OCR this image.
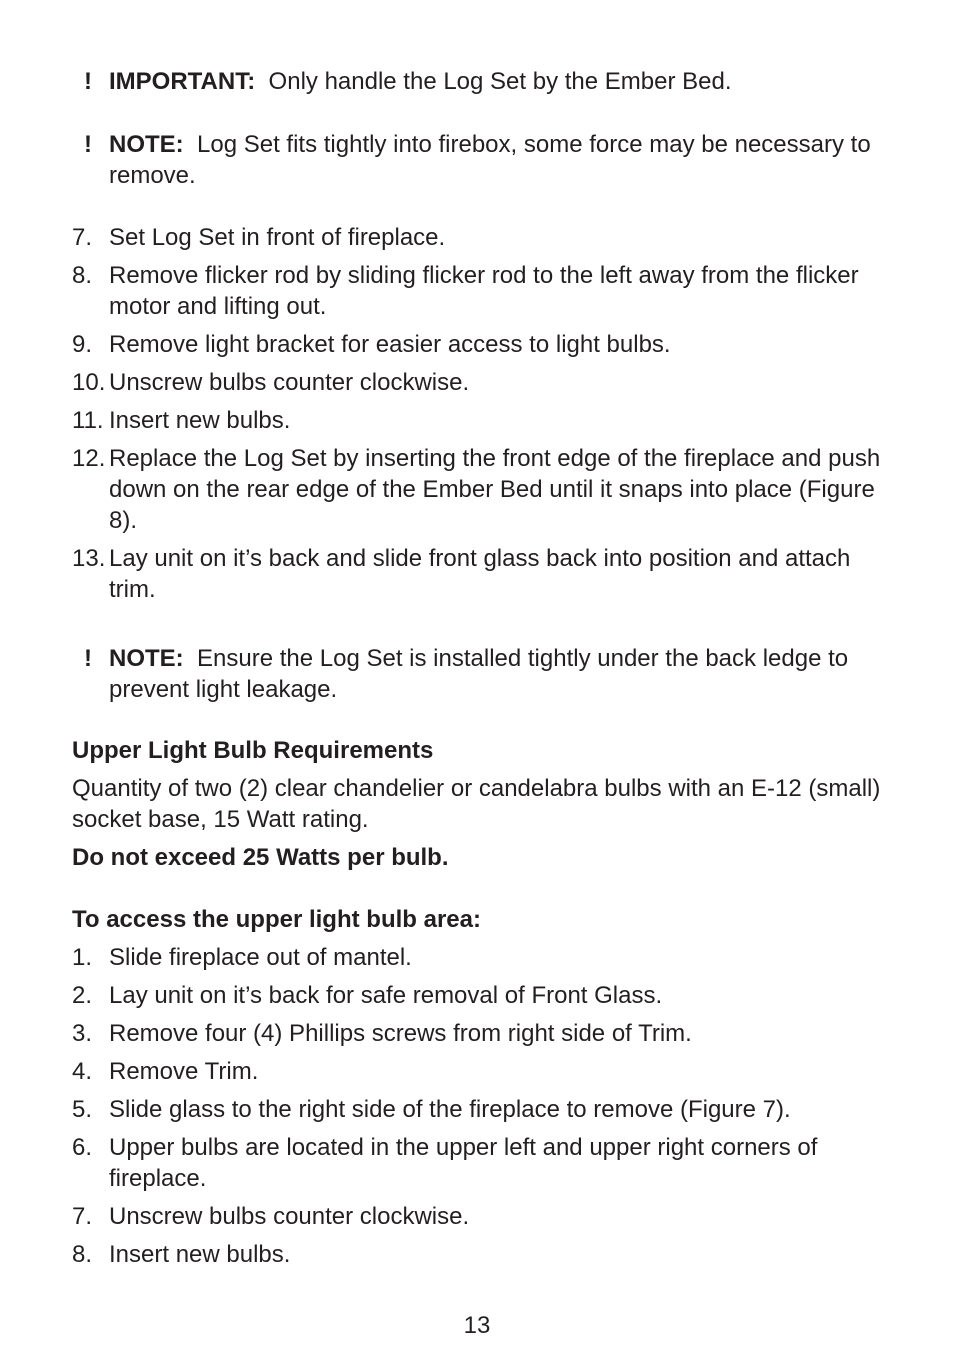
! IMPORTANT: Only handle the Log Set by the Ember Bed.
! NOTE: Log Set fits tightly into firebox, some force may be necessary to remove.
7. Set Log Set in front of fireplace.
8. Remove flicker rod by sliding flicker rod to the left away from the flicker motor and lifting out.
9. Remove light bracket for easier access to light bulbs.
10. Unscrew bulbs counter clockwise.
11. Insert new bulbs.
12. Replace the Log Set by inserting the front edge of the fireplace and push down on the rear edge of the Ember Bed until it snaps into place (Figure 8).
13. Lay unit on it’s back and slide front glass back into position and attach trim.
! NOTE: Ensure the Log Set is installed tightly under the back ledge to prevent light leakage.

Upper Light Bulb Requirements

Quantity of two (2) clear chandelier or candelabra bulbs with an E-12 (small) socket base, 15 Watt rating.

Do not exceed 25 Watts per bulb.

To access the upper light bulb area:

1. Slide fireplace out of mantel.
2. Lay unit on it’s back for safe removal of Front Glass.
3. Remove four (4) Phillips screws from right side of Trim.
4. Remove Trim.
5. Slide glass to the right side of the fireplace to remove (Figure 7).
6. Upper bulbs are located in the upper left and upper right corners of fireplace.
7. Unscrew bulbs counter clockwise.
8. Insert new bulbs.
13
